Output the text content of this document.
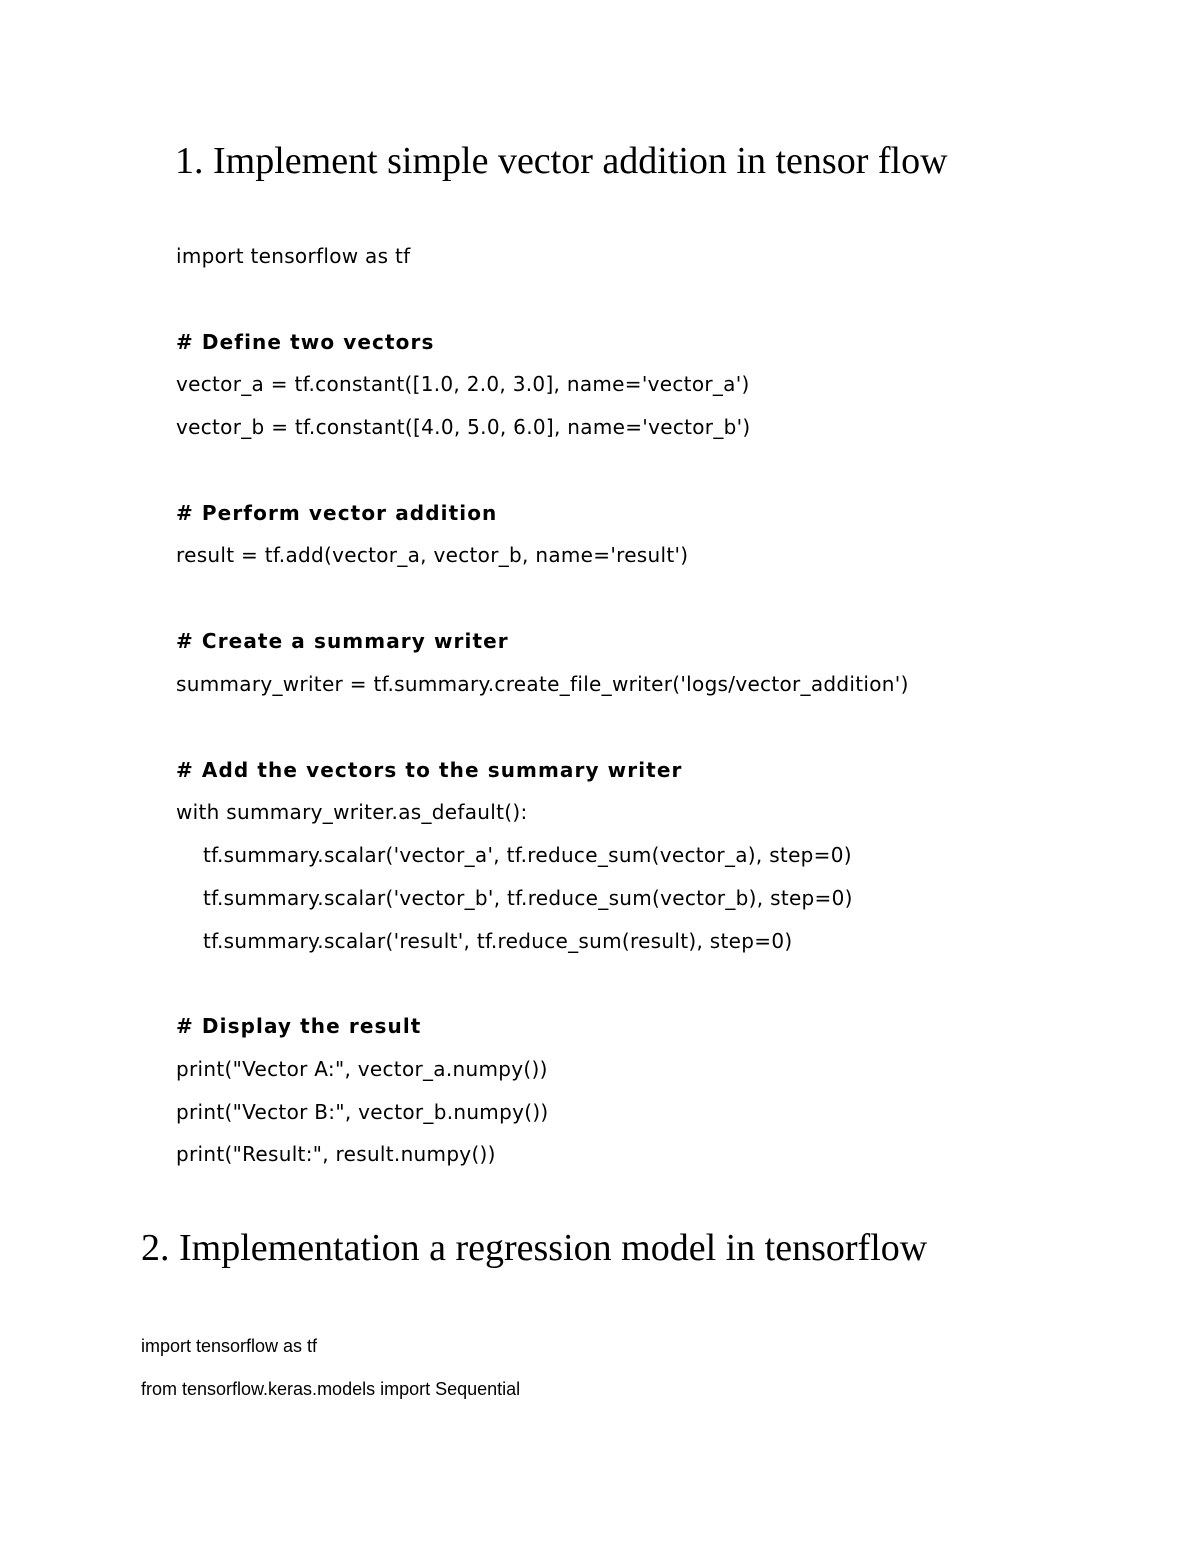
1. Implement simple vector addition in tensor flow

import tensorflow as tf

# Define two vectors

vector_a = tf.constant([1.0, 2.0, 3.0], name='vector_a')

vector_b = tf.constant([4.0, 5.0, 6.0], name='vector_b')

# Perform vector addition

result = tf.add(vector_a, vector_b, name='result')

# Create a summary writer

summary_writer = tf.summary.create_file_writer('logs/vector_addition')

# Add the vectors to the summary writer

with summary_writer.as_default():

tf.summary.scalar('vector_a', tf.reduce_sum(vector_a), step=0)

tf.summary.scalar('vector_b', tf.reduce_sum(vector_b), step=0)

tf.summary.scalar('result', tf.reduce_sum(result), step=0)

# Display the result

print("Vector A:", vector_a.numpy())

print("Vector B:", vector_b.numpy())

print("Result:", result.numpy())

2. Implementation a regression model in tensorflow

import tensorflow as tf

from tensorflow.keras.models import Sequential
